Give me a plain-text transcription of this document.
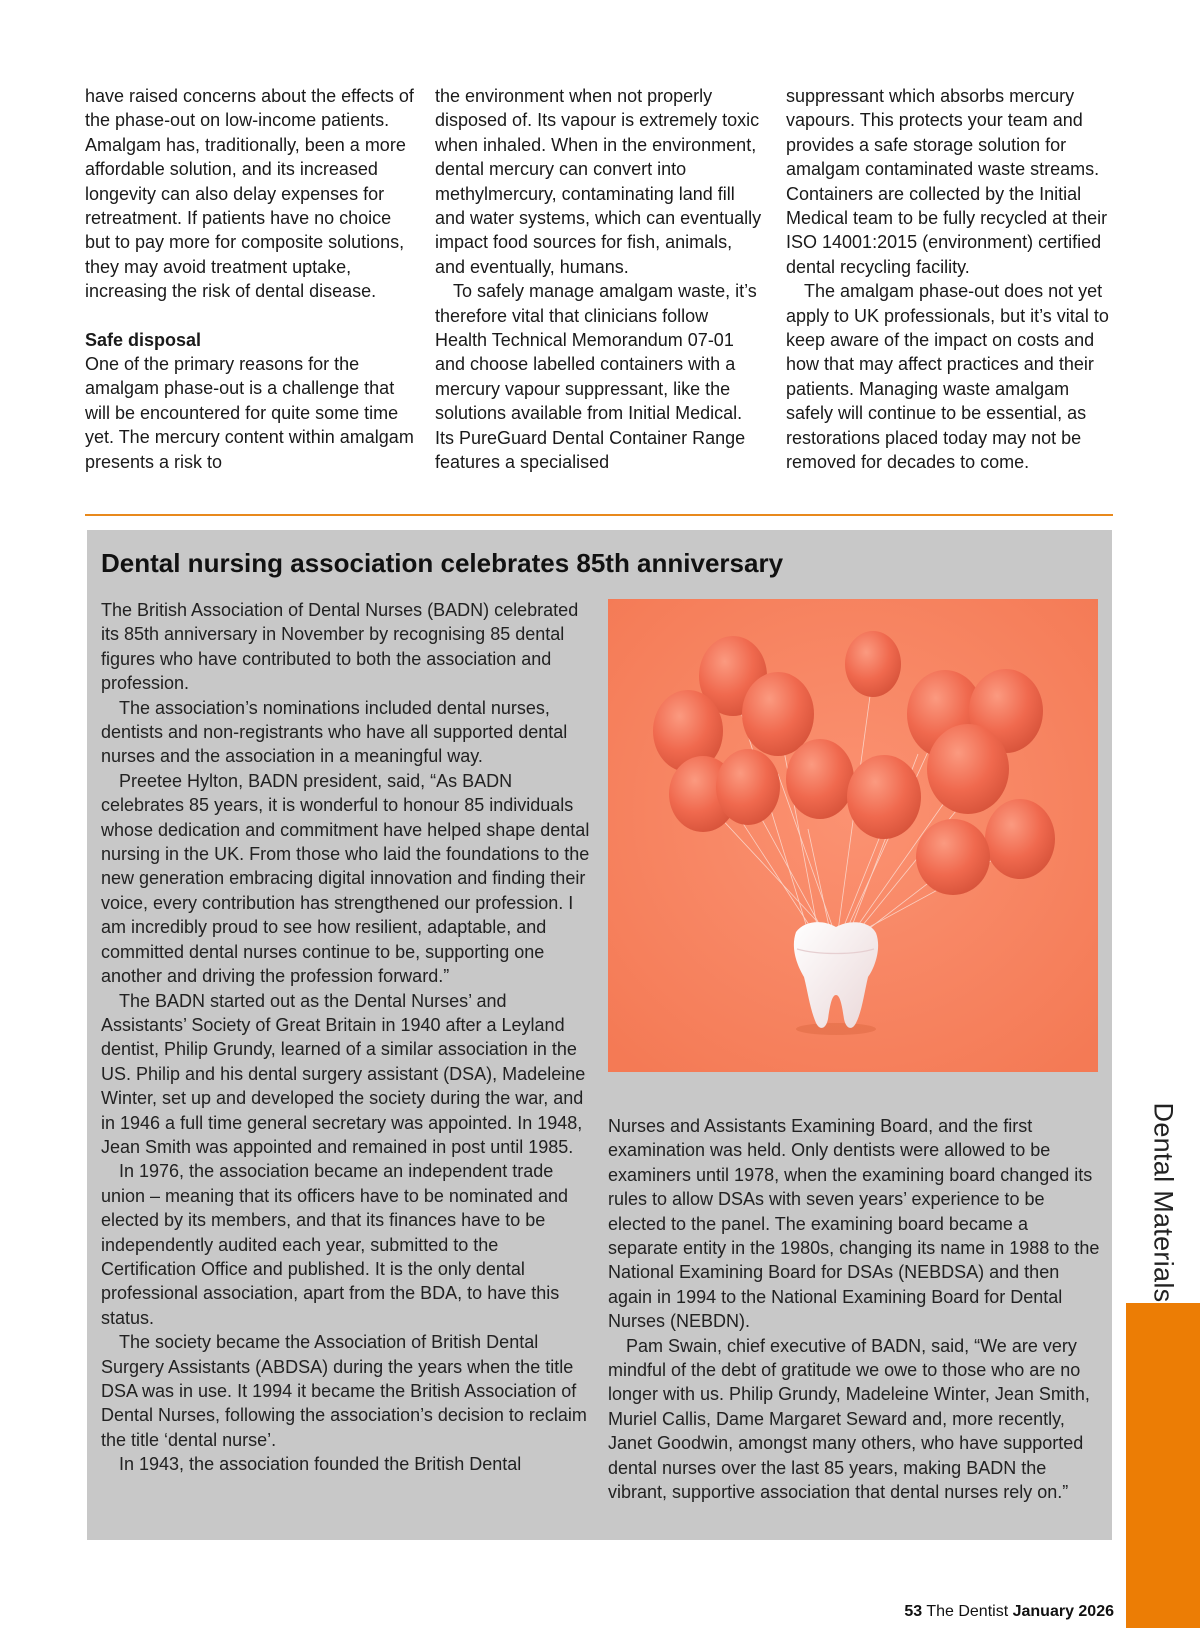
have raised concerns about the effects of the phase-out on low-income patients. Amalgam has, traditionally, been a more affordable solution, and its increased longevity can also delay expenses for retreatment. If patients have no choice but to pay more for composite solutions, they may avoid treatment uptake, increasing the risk of dental disease.

Safe disposal

One of the primary reasons for the amalgam phase-out is a challenge that will be encountered for quite some time yet. The mercury content within amalgam presents a risk to

the environment when not properly disposed of. Its vapour is extremely toxic when inhaled. When in the environment, dental mercury can convert into methylmercury, contaminating land fill and water systems, which can eventually impact food sources for fish, animals, and eventually, humans.

To safely manage amalgam waste, it’s therefore vital that clinicians follow Health Technical Memorandum 07-01 and choose labelled containers with a mercury vapour suppressant, like the solutions available from Initial Medical. Its PureGuard Dental Container Range features a specialised

suppressant which absorbs mercury vapours. This protects your team and provides a safe storage solution for amalgam contaminated waste streams. Containers are collected by the Initial Medical team to be fully recycled at their ISO 14001:2015 (environment) certified dental recycling facility.

The amalgam phase-out does not yet apply to UK professionals, but it’s vital to keep aware of the impact on costs and how that may affect practices and their patients. Managing waste amalgam safely will continue to be essential, as restorations placed today may not be removed for decades to come.

Dental nursing association celebrates 85th anniversary

The British Association of Dental Nurses (BADN) celebrated its 85th anniversary in November by recognising 85 dental figures who have contributed to both the association and profession.

The association’s nominations included dental nurses, dentists and non-registrants who have all supported dental nurses and the association in a meaningful way.

Preetee Hylton, BADN president, said, “As BADN celebrates 85 years, it is wonderful to honour 85 individuals whose dedication and commitment have helped shape dental nursing in the UK. From those who laid the foundations to the new generation embracing digital innovation and finding their voice, every contribution has strengthened our profession. I am incredibly proud to see how resilient, adaptable, and committed dental nurses continue to be, supporting one another and driving the profession forward.”

The BADN started out as the Dental Nurses’ and Assistants’ Society of Great Britain in 1940 after a Leyland dentist, Philip Grundy, learned of a similar association in the US. Philip and his dental surgery assistant (DSA), Madeleine Winter, set up and developed the society during the war, and in 1946 a full time general secretary was appointed. In 1948, Jean Smith was appointed and remained in post until 1985.

In 1976, the association became an independent trade union – meaning that its officers have to be nominated and elected by its members, and that its finances have to be independently audited each year, submitted to the Certification Office and published. It is the only dental professional association, apart from the BDA, to have this status.

The society became the Association of British Dental Surgery Assistants (ABDSA) during the years when the title DSA was in use. It 1994 it became the British Association of Dental Nurses, following the association’s decision to reclaim the title ‘dental nurse’.

In 1943, the association founded the British Dental

Nurses and Assistants Examining Board, and the first examination was held. Only dentists were allowed to be examiners until 1978, when the examining board changed its rules to allow DSAs with seven years’ experience to be elected to the panel. The examining board became a separate entity in the 1980s, changing its name in 1988 to the National Examining Board for DSAs (NEBDSA) and then again in 1994 to the National Examining Board for Dental Nurses (NEBDN).

Pam Swain, chief executive of BADN, said, “We are very mindful of the debt of gratitude we owe to those who are no longer with us. Philip Grundy, Madeleine Winter, Jean Smith, Muriel Callis, Dame Margaret Seward and, more recently, Janet Goodwin, amongst many others, who have supported dental nurses over the last 85 years, making BADN the vibrant, supportive association that dental nurses rely on.”

Dental Materials
53 The Dentist January 2026
